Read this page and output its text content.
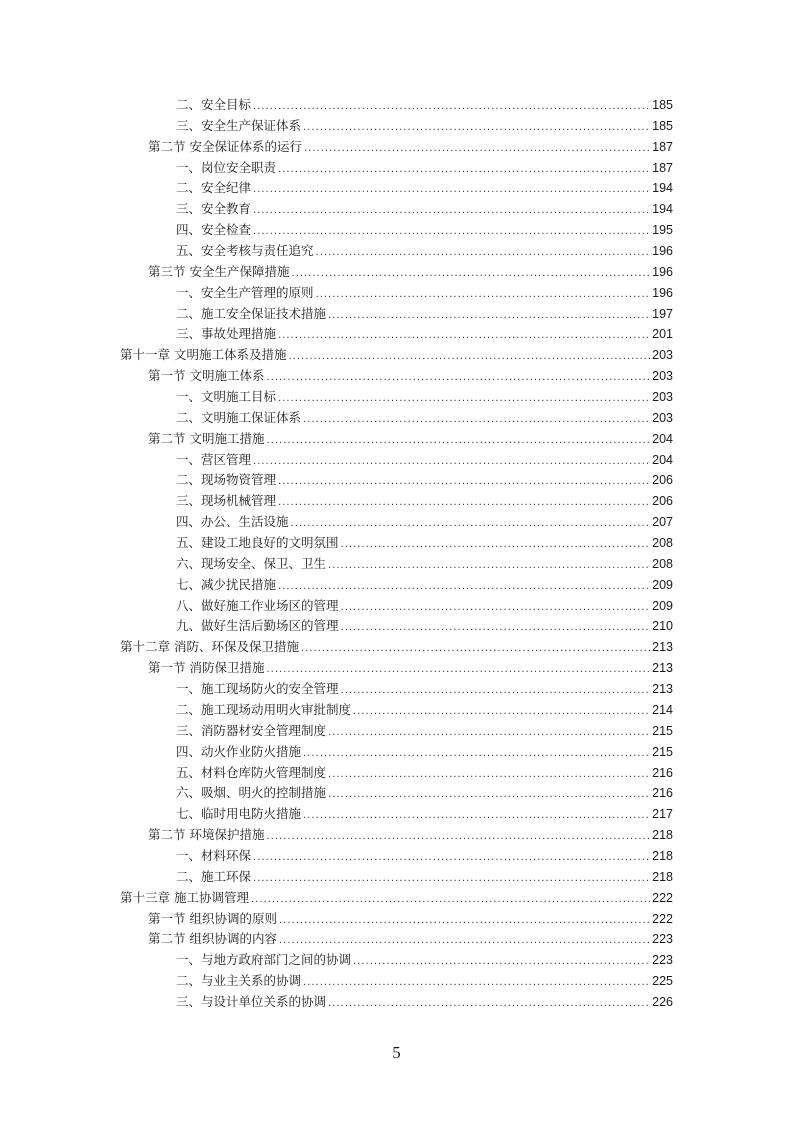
二、安全目标 .....	185
三、安全生产保证体系 .....	185
第二节 安全保证体系的运行 .....	187
一、岗位安全职责 .....	187
二、安全纪律 .....	194
三、安全教育 .....	194
四、安全检查 .....	195
五、安全考核与责任追究 .....	196
第三节 安全生产保障措施 .....	196
一、安全生产管理的原则 .....	196
二、施工安全保证技术措施 .....	197
三、事故处理措施 .....	201
第十一章 文明施工体系及措施 .....	203
第一节 文明施工体系 .....	203
一、文明施工目标 .....	203
二、文明施工保证体系 .....	203
第二节 文明施工措施 .....	204
一、营区管理 .....	204
二、现场物资管理 .....	206
三、现场机械管理 .....	206
四、办公、生活设施 .....	207
五、建设工地良好的文明氛围 .....	208
六、现场安全、保卫、卫生 .....	208
七、减少扰民措施 .....	209
八、做好施工作业场区的管理 .....	209
九、做好生活后勤场区的管理 .....	210
第十二章 消防、环保及保卫措施 .....	213
第一节 消防保卫措施 .....	213
一、施工现场防火的安全管理 .....	213
二、施工现场动用明火审批制度 .....	214
三、消防器材安全管理制度 .....	215
四、动火作业防火措施 .....	215
五、材料仓库防火管理制度 .....	216
六、吸烟、明火的控制措施 .....	216
七、临时用电防火措施 .....	217
第二节 环境保护措施 .....	218
一、材料环保 .....	218
二、施工环保 .....	218
第十三章 施工协调管理 .....	222
第一节 组织协调的原则 .....	222
第二节 组织协调的内容 .....	223
一、与地方政府部门之间的协调 .....	223
二、与业主关系的协调 .....	225
三、与设计单位关系的协调 .....	226
5
